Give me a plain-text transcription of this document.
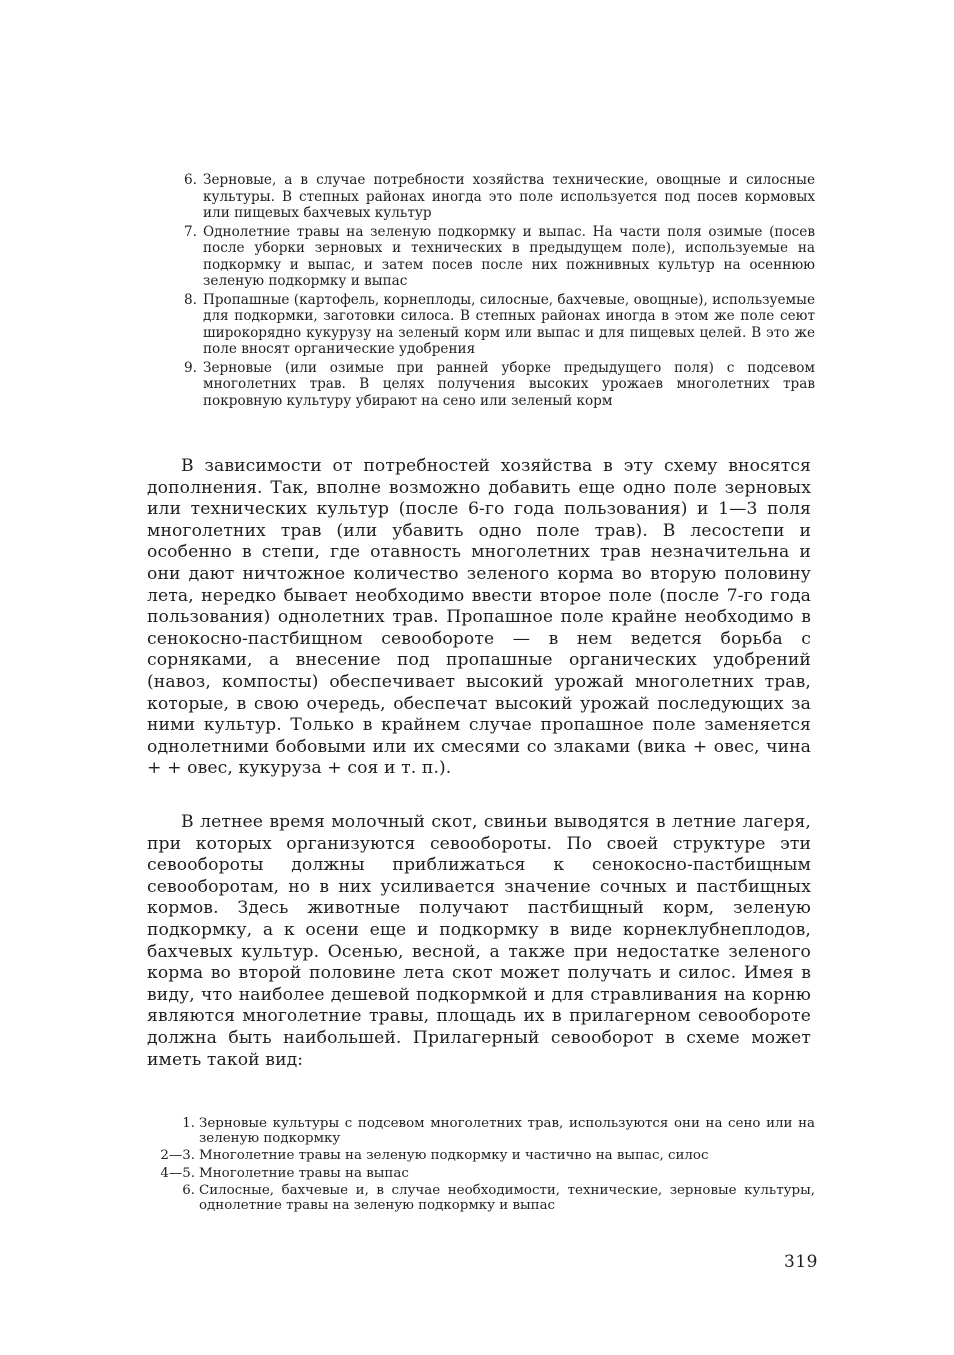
6. Зерновые, а в случае потребности хозяйства технические, овощные и силосные культуры. В степных районах иногда это поле используется под посев кормовых или пищевых бахчевых культур
7. Однолетние травы на зеленую подкормку и выпас. На части поля озимые (посев после уборки зерновых и технических в предыдущем поле), используемые на подкормку и выпас, и затем посев после них пожнивных культур на осеннюю зеленую подкормку и выпас
8. Пропашные (картофель, корнеплоды, силосные, бахчевые, овощные), используемые для подкормки, заготовки силоса. В степных районах иногда в этом же поле сеют широкорядно кукурузу на зеленый корм или выпас и для пищевых целей. В это же поле вносят органические удобрения
9. Зерновые (или озимые при ранней уборке предыдущего поля) с подсевом многолетних трав. В целях получения высоких урожаев многолетних трав покровную культуру убирают на сено или зеленый корм

В зависимости от потребностей хозяйства в эту схему вносятся дополнения. Так, вполне возможно добавить еще одно поле зерновых или технических культур (после 6-го года пользования) и 1—3 поля многолетних трав (или убавить одно поле трав). В лесостепи и особенно в степи, где отавность многолетних трав незначительна и они дают ничтожное количество зеленого корма во вторую половину лета, нередко бывает необходимо ввести второе поле (после 7-го года пользования) однолетних трав. Пропашное поле крайне необходимо в сенокосно-пастбищном севообороте — в нем ведется борьба с сорняками, а внесение под пропашные органических удобрений (навоз, компосты) обеспечивает высокий урожай многолетних трав, которые, в свою очередь, обеспечат высокий урожай последующих за ними культур. Только в крайнем случае пропашное поле заменяется однолетними бобовыми или их смесями со злаками (вика + овес, чина + + овес, кукуруза + соя и т. п.).

В летнее время молочный скот, свиньи выводятся в летние лагеря, при которых организуются севообороты. По своей структуре эти севообороты должны приближаться к сенокосно-пастбищным севооборотам, но в них усиливается значение сочных и пастбищных кормов. Здесь животные получают пастбищный корм, зеленую подкормку, а к осени еще и подкормку в виде корнеклубнеплодов, бахчевых культур. Осенью, весной, а также при недостатке зеленого корма во второй половине лета скот может получать и силос. Имея в виду, что наиболее дешевой подкормкой и для стравливания на корню являются многолетние травы, площадь их в прилагерном севообороте должна быть наибольшей. Прилагерный севооборот в схеме может иметь такой вид:

1. Зерновые культуры с подсевом многолетних трав, используются они на сено или на зеленую подкормку
2—3. Многолетние травы на зеленую подкормку и частично на выпас, силос
4—5. Многолетние травы на выпас
6. Силосные, бахчевые и, в случае необходимости, технические, зерновые культуры, однолетние травы на зеленую подкормку и выпас
319
